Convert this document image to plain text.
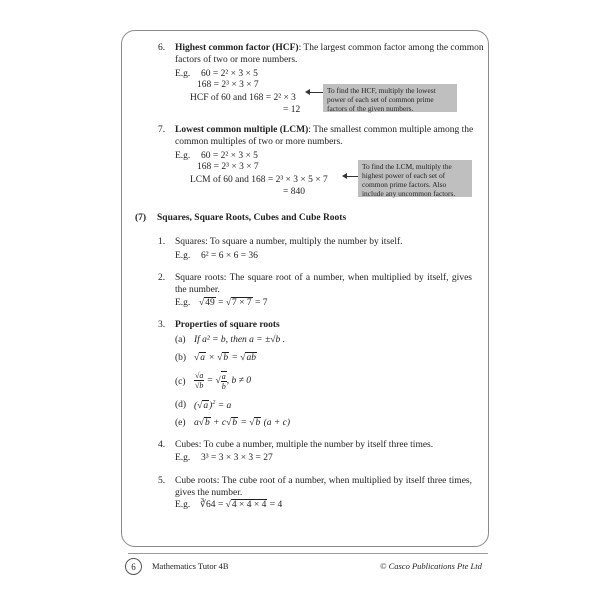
6. Highest common factor (HCF): The largest common factor among the common
factors of two or more numbers.
E.g. 60 = 2² × 3 × 5
168 = 2³ × 3 × 7
HCF of 60 and 168 = 2² × 3
= 12
To find the HCF, multiply the lowest power of each set of common prime factors of the given numbers.
7. Lowest common multiple (LCM): The smallest common multiple among the
common multiples of two or more numbers.
E.g. 60 = 2² × 3 × 5
168 = 2³ × 3 × 7
LCM of 60 and 168 = 2³ × 3 × 5 × 7
= 840
To find the LCM, multiply the highest power of each set of common prime factors. Also include any uncommon factors.
(7) Squares, Square Roots, Cubes and Cube Roots
1. Squares: To square a number, multiply the number by itself.
E.g. 6² = 6 × 6 = 36
2. Square roots: The square root of a number, when multiplied by itself, gives the number.
E.g. √49 = √7 × 7 = 7
3. Properties of square roots
(a) If a² = b, then a = ±√b .
(b) √a × √b = √ab
$(c) \frac{√a}{√b}$ = √ $\frac{a}{b}$ , b ≠ 0
(d) $(√a)^2 = a$
(e) a√b + c√b = √b (a + c)
4. Cubes: To cube a number, multiple the number by itself three times.
E.g. 3³ = 3 × 3 × 3 = 27
5. Cube roots: The cube root of a number, when multiplied by itself three times, gives the number.
E.g. ∛64 = √4 × 4 × 4 = 4
6	Mathematics Tutor 4B	© Casco Publications Pte Ltd
